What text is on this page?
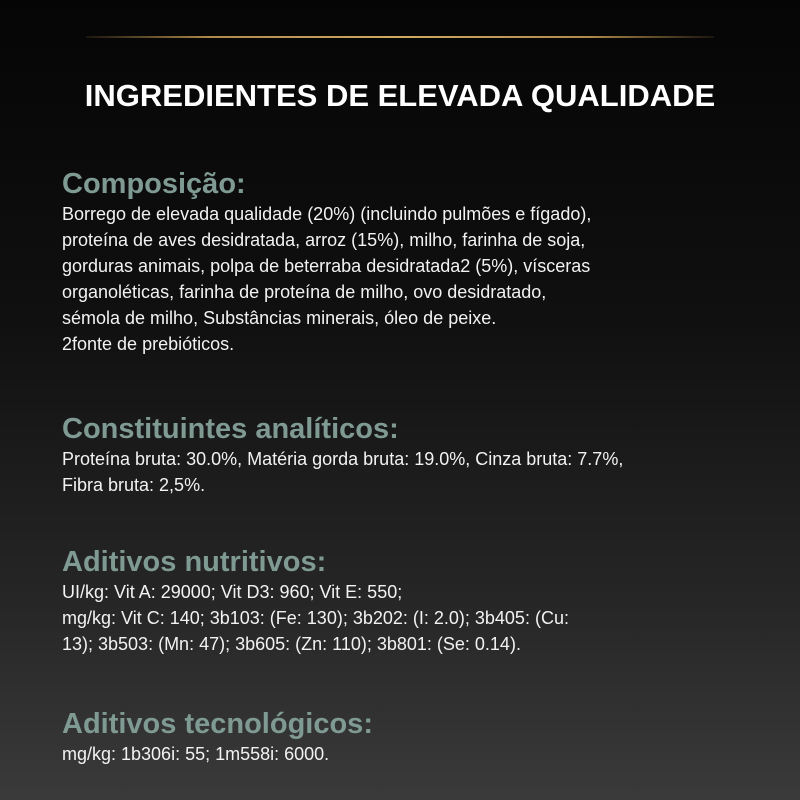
INGREDIENTES DE ELEVADA QUALIDADE
Composição:

Borrego de elevada qualidade (20%) (incluindo pulmões e fígado),

proteína de aves desidratada, arroz (15%), milho, farinha de soja,

gorduras animais, polpa de beterraba desidratada2 (5%), vísceras

organoléticas, farinha de proteína de milho, ovo desidratado,

sémola de milho, Substâncias minerais, óleo de peixe.

2fonte de prebióticos.

Constituintes analíticos:

Proteína bruta: 30.0%, Matéria gorda bruta: 19.0%, Cinza bruta: 7.7%,

Fibra bruta: 2,5%.

Aditivos nutritivos:

UI/kg: Vit A: 29000; Vit D3: 960; Vit E: 550;

mg/kg: Vit C: 140; 3b103: (Fe: 130); 3b202: (I: 2.0); 3b405: (Cu:

13); 3b503: (Mn: 47); 3b605: (Zn: 110); 3b801: (Se: 0.14).

Aditivos tecnológicos:

mg/kg: 1b306i: 55; 1m558i: 6000.
